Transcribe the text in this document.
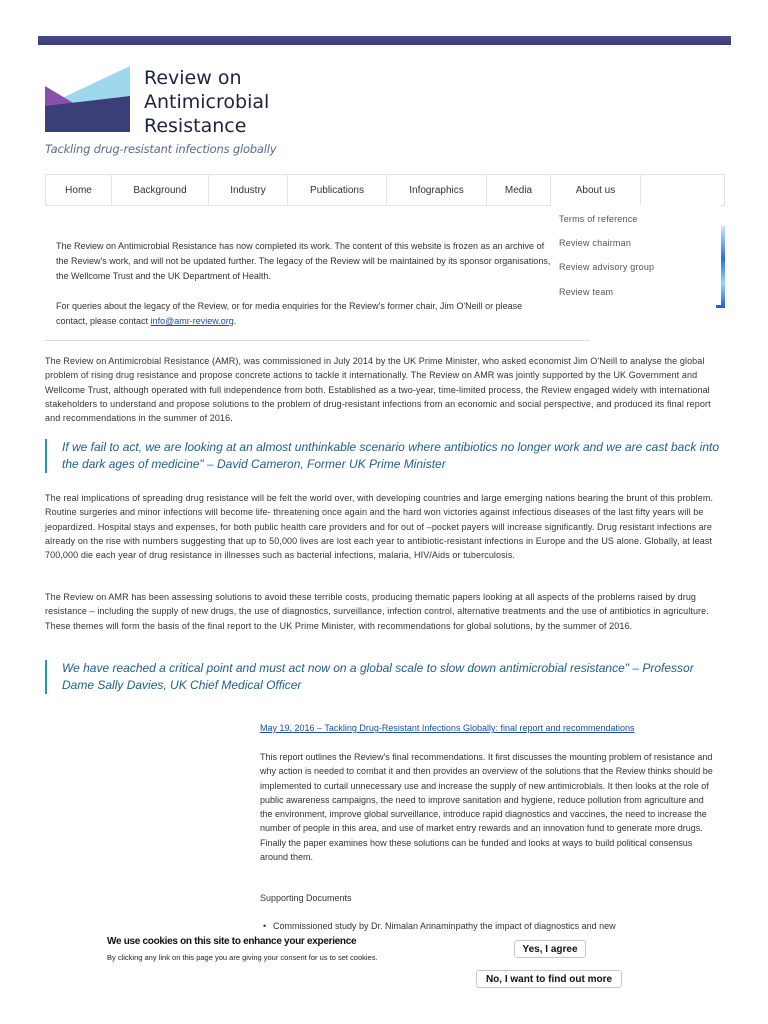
Review on
Antimicrobial
Resistance
Tackling drug-resistant infections globally
Home	Background	Industry	Publications	Infographics	Media	About us
Terms of reference
Review chairman
Review advisory group
Review team

The Review on Antimicrobial Resistance has now completed its work. The content of this website is frozen as an archive of the Review's work, and will not be updated further. The legacy of the Review will be maintained by its sponsor organisations, the Wellcome Trust and the UK Department of Health.

For queries about the legacy of the Review, or for media enquiries for the Review's former chair, Jim O'Neill or please contact, please contact info@amr-review.org.

The Review on Antimicrobial Resistance (AMR), was commissioned in July 2014 by the UK Prime Minister, who asked economist Jim O'Neill to analyse the global problem of rising drug resistance and propose concrete actions to tackle it internationally. The Review on AMR was jointly supported by the UK Government and Wellcome Trust, although operated with full independence from both. Established as a two-year, time-limited process, the Review engaged widely with international stakeholders to understand and propose solutions to the problem of drug-resistant infections from an economic and social perspective, and produced its final report and recommendations in the summer of 2016.
If we fail to act, we are looking at an almost unthinkable scenario where antibiotics no longer work and we are cast back into the dark ages of medicine" – David Cameron, Former UK Prime Minister
The real implications of spreading drug resistance will be felt the world over, with developing countries and large emerging nations bearing the brunt of this problem. Routine surgeries and minor infections will become life- threatening once again and the hard won victories against infectious diseases of the last fifty years will be jeopardized. Hospital stays and expenses, for both public health care providers and for out of –pocket payers will increase significantly. Drug resistant infections are already on the rise with numbers suggesting that up to 50,000 lives are lost each year to antibiotic-resistant infections in Europe and the US alone. Globally, at least 700,000 die each year of drug resistance in illnesses such as bacterial infections, malaria, HIV/Aids or tuberculosis.
The Review on AMR has been assessing solutions to avoid these terrible costs, producing thematic papers looking at all aspects of the problems raised by drug resistance – including the supply of new drugs, the use of diagnostics, surveillance, infection control, alternative treatments and the use of antibiotics in agriculture. These themes will form the basis of the final report to the UK Prime Minister, with recommendations for global solutions, by the summer of 2016.
We have reached a critical point and must act now on a global scale to slow down antimicrobial resistance" – Professor Dame Sally Davies, UK Chief Medical Officer
May 19, 2016 – Tackling Drug-Resistant Infections Globally: final report and recommendations
This report outlines the Review's final recommendations. It first discusses the mounting problem of resistance and why action is needed to combat it and then provides an overview of the solutions that the Review thinks should be implemented to curtail unnecessary use and increase the supply of new antimicrobials. It then looks at the role of public awareness campaigns, the need to improve sanitation and hygiene, reduce pollution from agriculture and the environment, improve global surveillance, introduce rapid diagnostics and vaccines, the need to increase the number of people in this area, and use of market entry rewards and an innovation fund to generate more drugs. Finally the paper examines how these solutions can be funded and looks at ways to build political consensus around them.
Supporting Documents
• Commissioned study by Dr. Nimalan Arinaminpathy the impact of diagnostics and new
We use cookies on this site to enhance your experience
By clicking any link on this page you are giving your consent for us to set cookies.
Yes, I agree
No, I want to find out more
